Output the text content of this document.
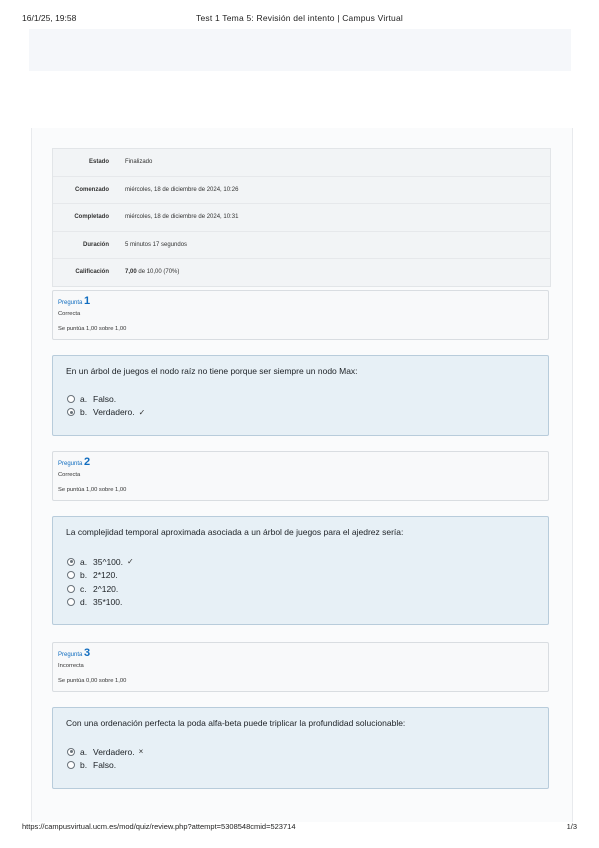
16/1/25, 19:58	Test 1 Tema 5: Revisión del intento | Campus Virtual
Estado	Finalizado
Comenzado	miércoles, 18 de diciembre de 2024, 10:26
Completado	miércoles, 18 de diciembre de 2024, 10:31
Duración	5 minutos 17 segundos
Calificación	7,00 de 10,00 (70%)
Pregunta 1
Correcta
Se puntúa 1,00 sobre 1,00
En un árbol de juegos el nodo raíz no tiene porque ser siempre un nodo Max:
a. Falso.
b. Verdadero. ✓
Pregunta 2
Correcta
Se puntúa 1,00 sobre 1,00
La complejidad temporal aproximada asociada a un árbol de juegos para el ajedrez sería:
a. 35^100. ✓
b. 2*120.
c. 2^120.
d. 35*100.
Pregunta 3
Incorrecta
Se puntúa 0,00 sobre 1,00
Con una ordenación perfecta la poda alfa-beta puede triplicar la profundidad solucionable:
a. Verdadero. ×
b. Falso.
https://campusvirtual.ucm.es/mod/quiz/review.php?attempt=5308548cmid=523714	1/3
